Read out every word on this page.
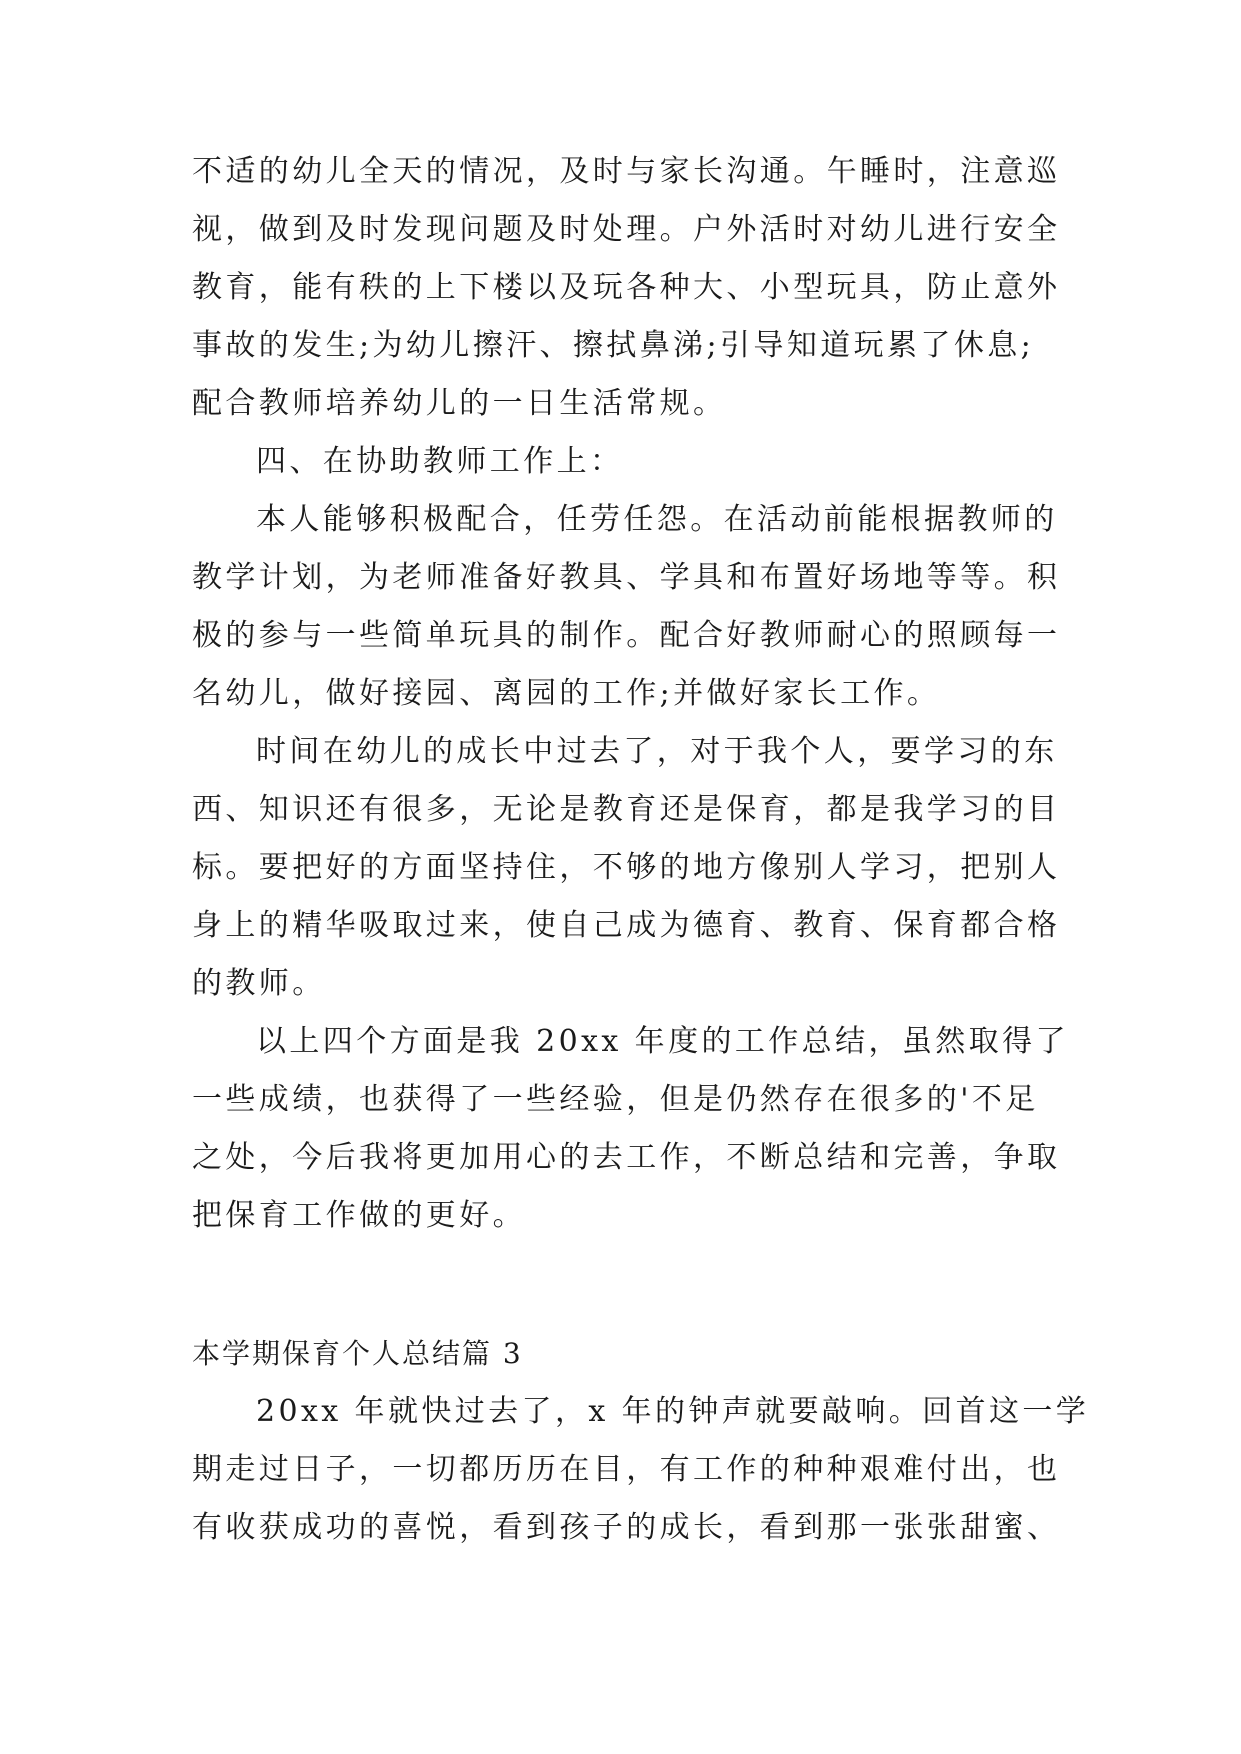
不适的幼儿全天的情况，及时与家长沟通。午睡时，注意巡

视，做到及时发现问题及时处理。户外活时对幼儿进行安全

教育，能有秩的上下楼以及玩各种大、小型玩具，防止意外

事故的发生;为幼儿擦汗、擦拭鼻涕;引导知道玩累了休息;

配合教师培养幼儿的一日生活常规。

四、在协助教师工作上：

本人能够积极配合，任劳任怨。在活动前能根据教师的

教学计划，为老师准备好教具、学具和布置好场地等等。积

极的参与一些简单玩具的制作。配合好教师耐心的照顾每一

名幼儿，做好接园、离园的工作;并做好家长工作。

时间在幼儿的成长中过去了，对于我个人，要学习的东

西、知识还有很多，无论是教育还是保育，都是我学习的目

标。要把好的方面坚持住，不够的地方像别人学习，把别人

身上的精华吸取过来，使自己成为德育、教育、保育都合格

的教师。

以上四个方面是我 20xx 年度的工作总结，虽然取得了

一些成绩，也获得了一些经验，但是仍然存在很多的'不足

之处，今后我将更加用心的去工作，不断总结和完善，争取

把保育工作做的更好。

本学期保育个人总结篇 3

20xx 年就快过去了，x 年的钟声就要敲响。回首这一学

期走过日子，一切都历历在目，有工作的种种艰难付出，也

有收获成功的喜悦，看到孩子的成长，看到那一张张甜蜜、
